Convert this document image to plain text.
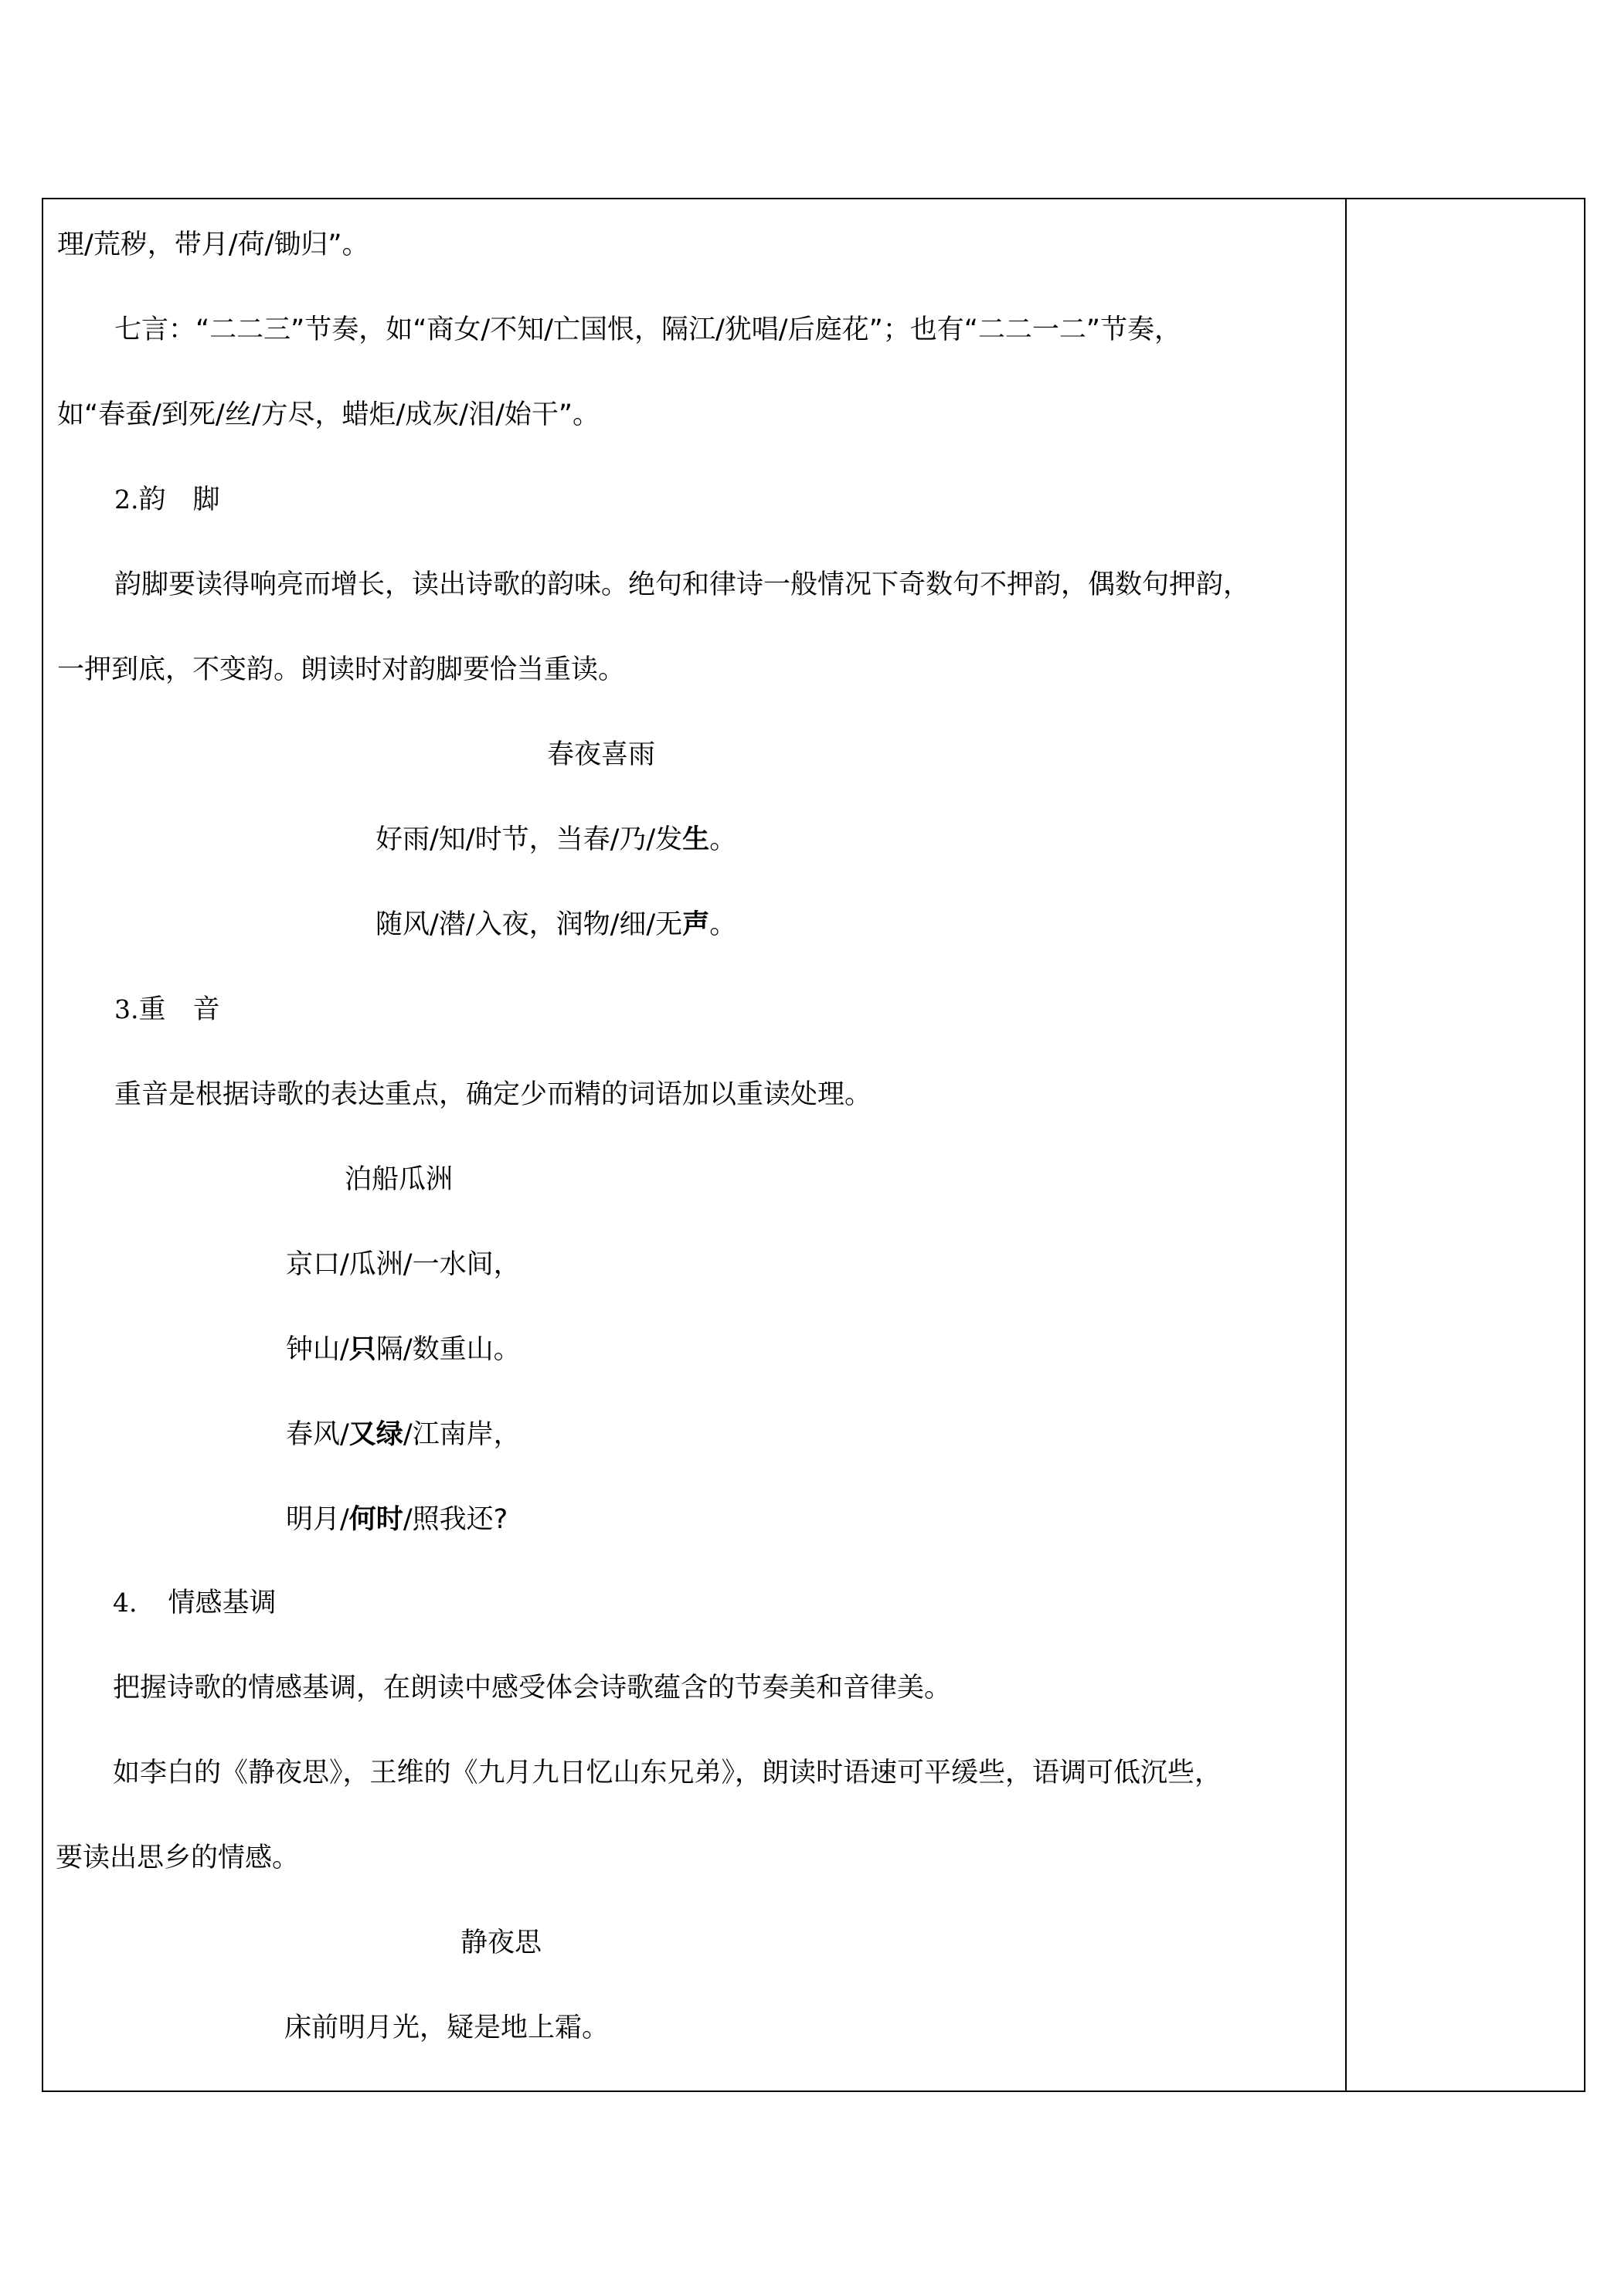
理/荒秽，带月/荷/锄归”。
七言：“二二三”节奏，如“商女/不知/亡国恨，隔江/犹唱/后庭花”；也有“二二一二”节奏，
如“春蚕/到死/丝/方尽，蜡炬/成灰/泪/始干”。
2.韵　脚
韵脚要读得响亮而增长，读出诗歌的韵味。绝句和律诗一般情况下奇数句不押韵，偶数句押韵，
一押到底，不变韵。朗读时对韵脚要恰当重读。
春夜喜雨
好雨/知/时节，当春/乃/发生。
随风/潜/入夜，润物/细/无声。
3.重　音
重音是根据诗歌的表达重点，确定少而精的词语加以重读处理。
泊船瓜洲
京口/瓜洲/一水间，
钟山/只隔/数重山。
春风/又绿/江南岸，
明月/何时/照我还?
4. 情感基调
把握诗歌的情感基调，在朗读中感受体会诗歌蕴含的节奏美和音律美。
如李白的《静夜思》，王维的《九月九日忆山东兄弟》，朗读时语速可平缓些，语调可低沉些，
要读出思乡的情感。
静夜思
床前明月光，疑是地上霜。
